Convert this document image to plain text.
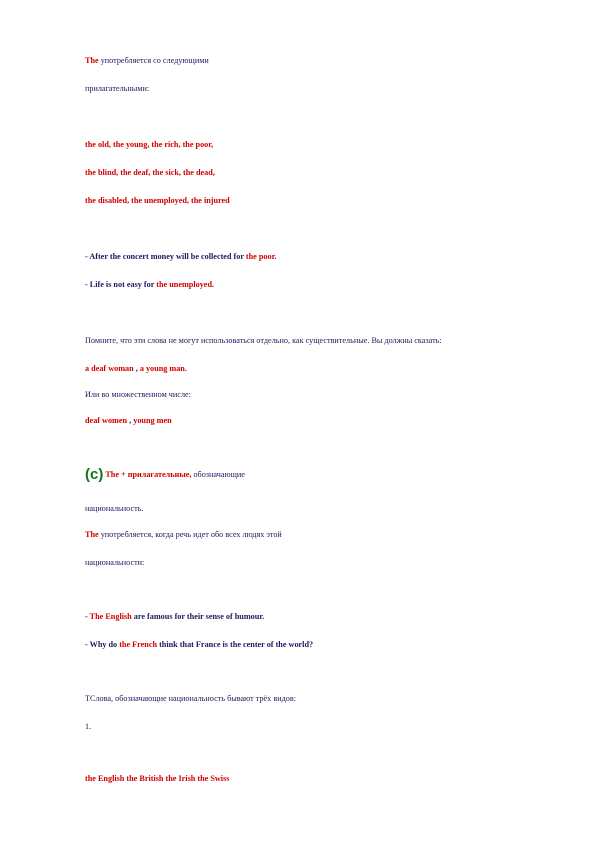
The употребляется со следующими
прилагательными:
the old, the young, the rich, the poor,
the blind, the deaf, the sick, the dead,
the disabled, the unemployed, the injured
- After the concert money will be collected for the poor.
- Life is not easy for the unemployed.
Помните, что эти слова не могут использоваться отдельно, как существительные. Вы должны сказать:
a deaf woman , a young man.
Или во множественном числе:
deaf women , young men
(c) The + прилагательные, обозначающие
национальность.
The употребляется, когда речь идет обо всех людях этой
национальности:
- The English are famous for their sense of humour.
- Why do the French think that France is the center of the world?
ТСлова, обозначающие национальность бывают трёх видов:
1.
the English the British the Irish the Swiss
